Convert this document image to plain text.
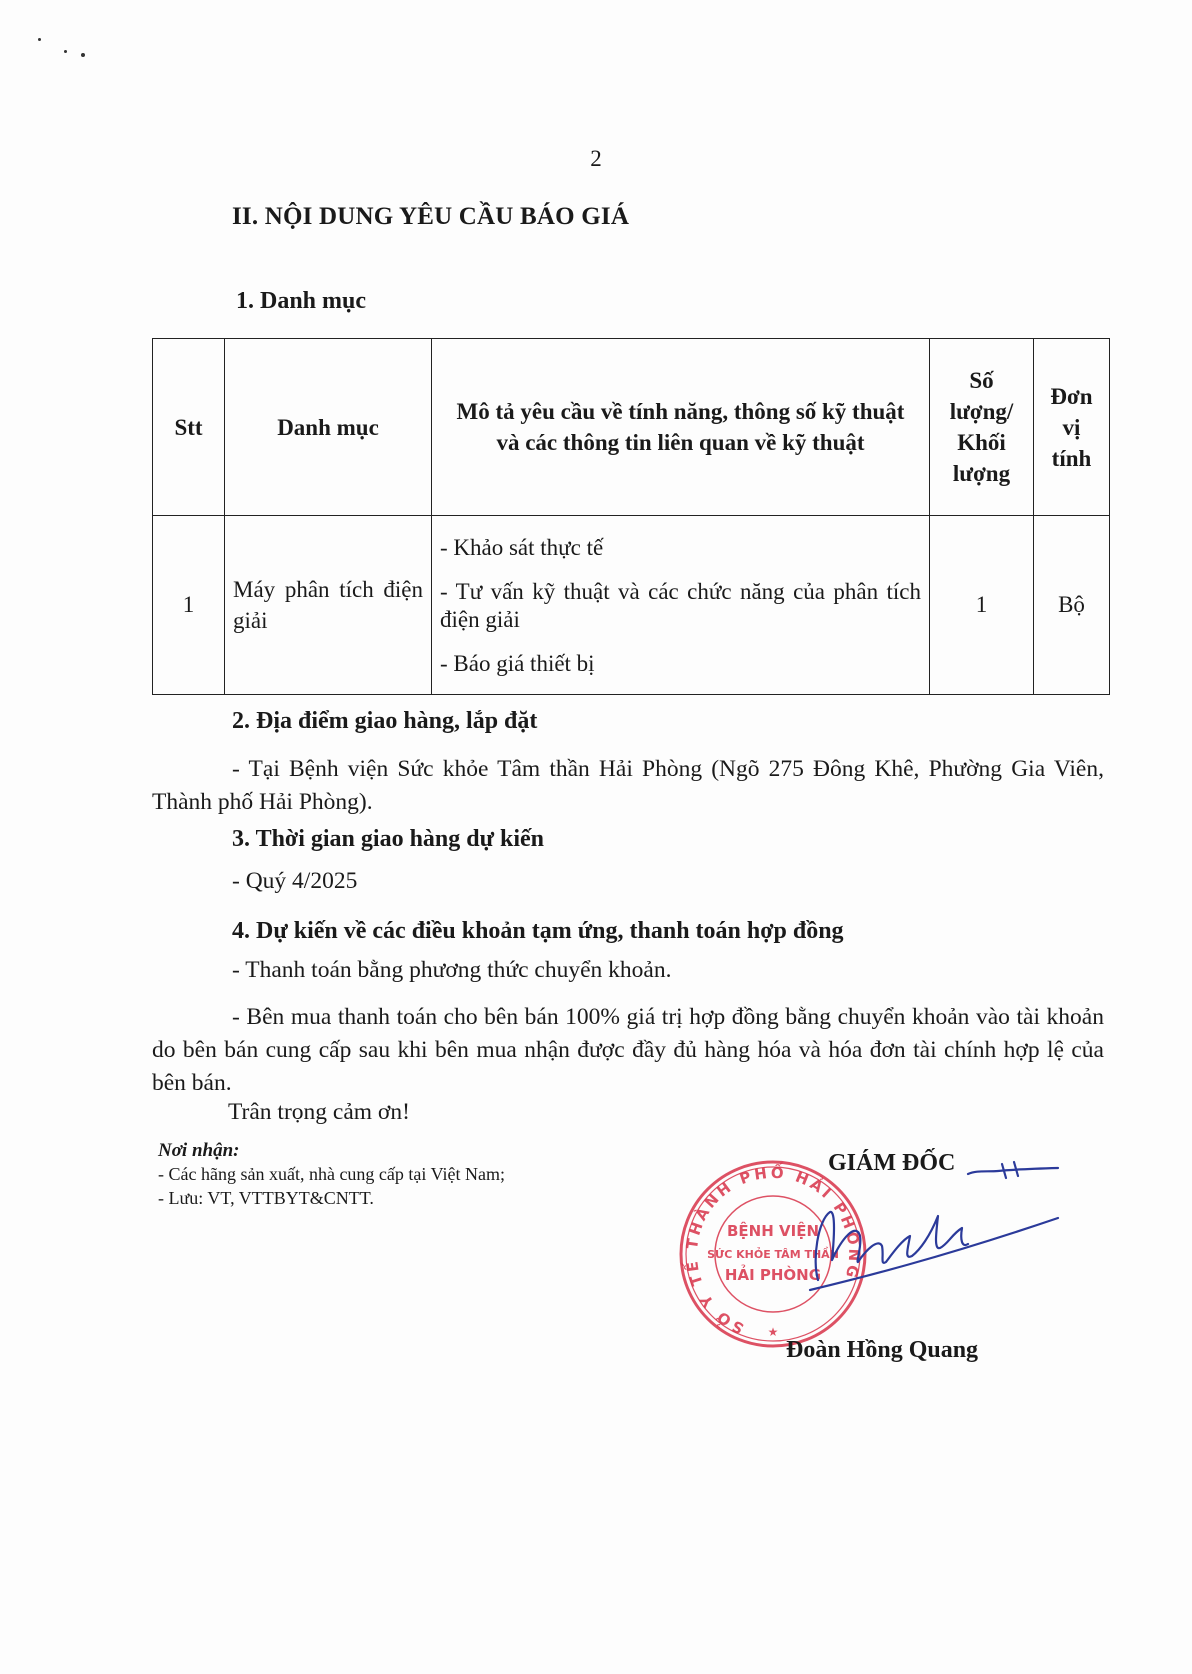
2
II. NỘI DUNG YÊU CẦU BÁO GIÁ
1. Danh mục
Stt	Danh mục	Mô tả yêu cầu về tính năng, thông số kỹ thuật và các thông tin liên quan về kỹ thuật	Số lượng/ Khối lượng	Đơn vị tính
1	Máy phân tích điện giải	- Khảo sát thực tế
- Tư vấn kỹ thuật và các chức năng của phân tích điện giải
- Báo giá thiết bị	1	Bộ
2. Địa điểm giao hàng, lắp đặt
- Tại Bệnh viện Sức khỏe Tâm thần Hải Phòng (Ngõ 275 Đông Khê, Phường Gia Viên, Thành phố Hải Phòng).
3. Thời gian giao hàng dự kiến
- Quý 4/2025
4. Dự kiến về các điều khoản tạm ứng, thanh toán hợp đồng
- Thanh toán bằng phương thức chuyển khoản.
- Bên mua thanh toán cho bên bán 100% giá trị hợp đồng bằng chuyển khoản vào tài khoản do bên bán cung cấp sau khi bên mua nhận được đầy đủ hàng hóa và hóa đơn tài chính hợp lệ của bên bán.
Trân trọng cảm ơn!
Nơi nhận:
- Các hãng sản xuất, nhà cung cấp tại Việt Nam;
- Lưu: VT, VTTBYT&CNTT.
GIÁM ĐỐC
SỞ Y TẾ THÀNH PHỐ HẢI PHÒNG
BỆNH VIỆN
SỨC KHỎE TÂM THẦN
HẢI PHÒNG
★
Đoàn Hồng Quang
